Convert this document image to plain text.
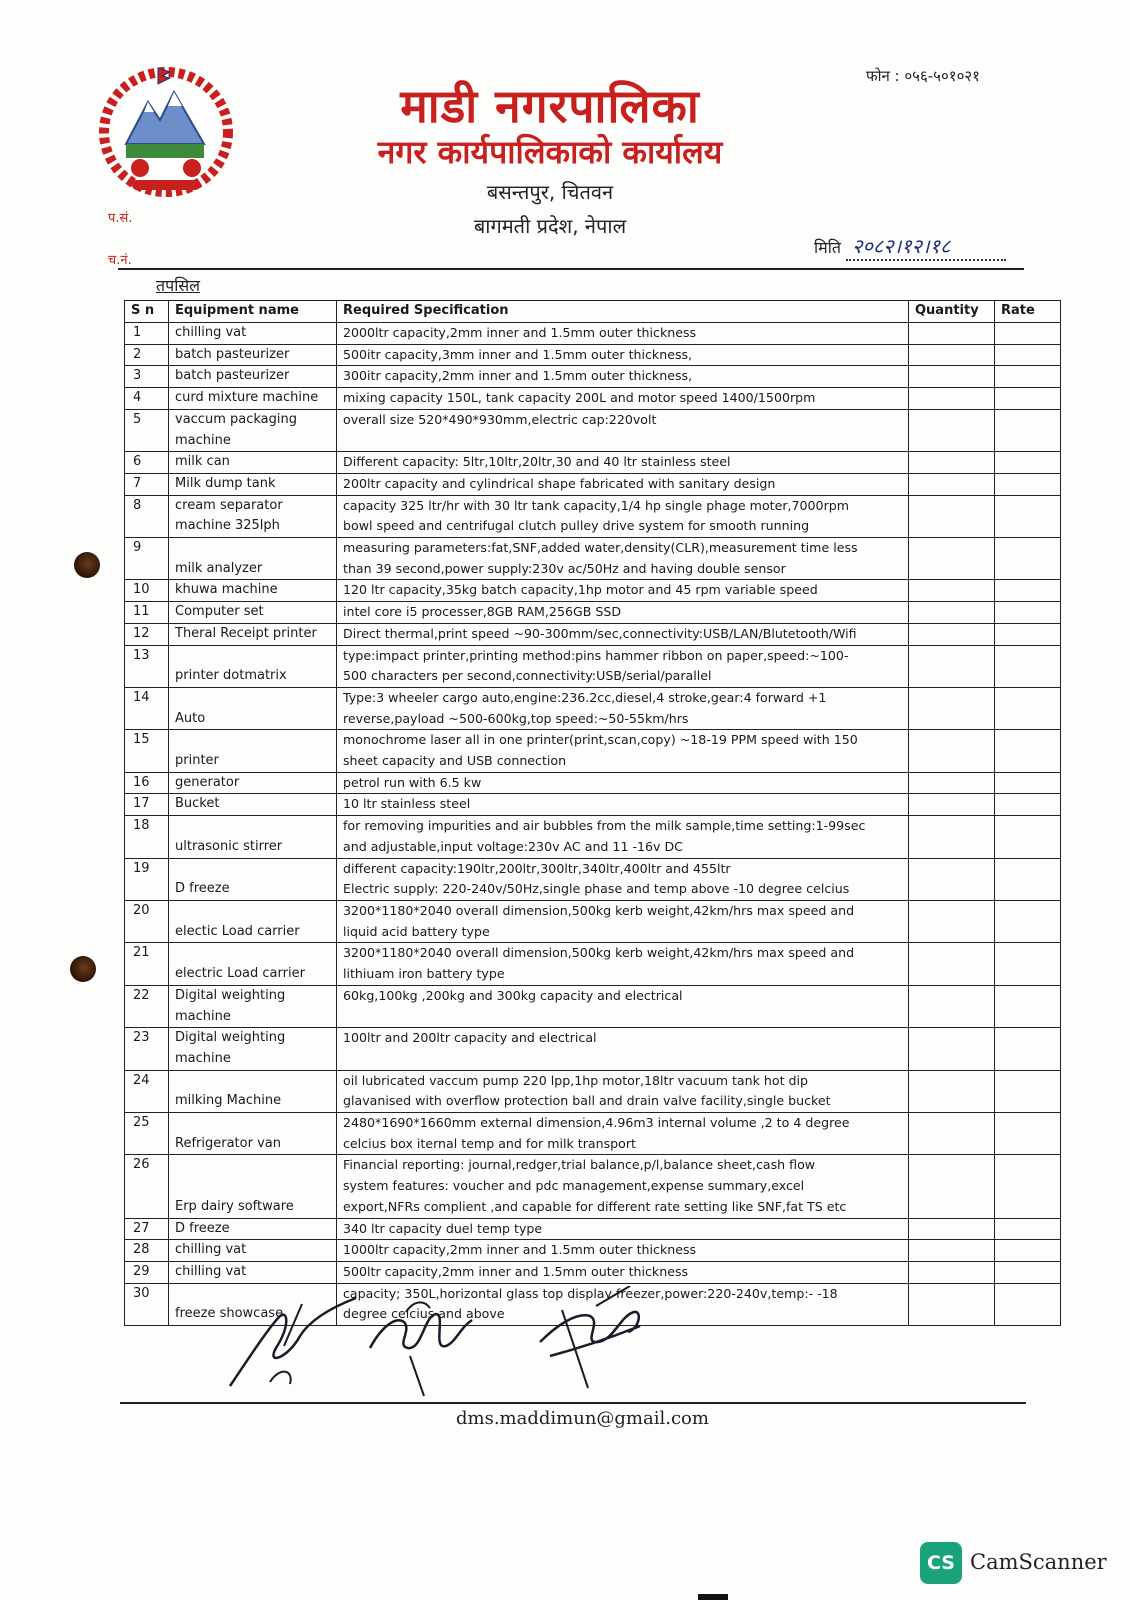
माडी नगरपालिका
नगर कार्यपालिकाको कार्यालय
बसन्तपुर, चितवन
बागमती प्रदेश, नेपाल
फोन : ०५६-५०१०२१
प.सं.
च.नं.
मिति २०८२।१२।१८
तपसिल
S n	Equipment name	Required Specification	Quantity	Rate
1	chilling vat	2000ltr capacity,2mm inner and 1.5mm outer thickness		

2	batch pasteurizer	500itr capacity,3mm inner and 1.5mm outer thickness,		

3	batch pasteurizer	300itr capacity,2mm inner and 1.5mm outer thickness,		

4	curd mixture machine	mixing capacity 150L, tank capacity 200L and motor speed 1400/1500rpm		

5	vaccum packaging machine	overall size 520*490*930mm,electric cap:220volt		

6	milk can	Different capacity: 5ltr,10ltr,20ltr,30 and 40 ltr stainless steel		

7	Milk dump tank	200ltr capacity and cylindrical shape fabricated with sanitary design		

8	cream separator machine 325lph	capacity 325 ltr/hr with 30 ltr tank capacity,1/4 hp single phage moter,7000rpm
bowl speed and centrifugal clutch pulley drive system for smooth running		

9	milk analyzer	measuring parameters:fat,SNF,added water,density(CLR),measurement time less
than 39 second,power supply:230v ac/50Hz and having double sensor		

10	khuwa machine	120 ltr capacity,35kg batch capacity,1hp motor and 45 rpm variable speed		

11	Computer set	intel core i5 processer,8GB RAM,256GB SSD		

12	Theral Receipt printer	Direct thermal,print speed ~90-300mm/sec,connectivity:USB/LAN/Blutetooth/Wifi		

13	printer dotmatrix	type:impact printer,printing method:pins hammer ribbon on paper,speed:~100-
500 characters per second,connectivity:USB/serial/parallel		

14	Auto	Type:3 wheeler cargo auto,engine:236.2cc,diesel,4 stroke,gear:4 forward +1
reverse,payload ~500-600kg,top speed:~50-55km/hrs		

15	printer	monochrome laser all in one printer(print,scan,copy) ~18-19 PPM speed with 150
sheet capacity and USB connection		

16	generator	petrol run with 6.5 kw		

17	Bucket	10 ltr stainless steel		

18	ultrasonic stirrer	for removing impurities and air bubbles from the milk sample,time setting:1-99sec
and adjustable,input voltage:230v AC and 11 -16v DC		

19	D freeze	different capacity:190ltr,200ltr,300ltr,340ltr,400ltr and 455ltr
Electric supply: 220-240v/50Hz,single phase and temp above -10 degree celcius		

20	electic Load carrier	3200*1180*2040 overall dimension,500kg kerb weight,42km/hrs max speed and
liquid acid battery type		

21	electric Load carrier	3200*1180*2040 overall dimension,500kg kerb weight,42km/hrs max speed and
lithiuam iron battery type		

22	Digital weighting machine	60kg,100kg ,200kg and 300kg capacity and electrical		

23	Digital weighting machine	100ltr and 200ltr capacity and electrical		

24	milking Machine	oil lubricated vaccum pump 220 lpp,1hp motor,18ltr vacuum tank hot dip
glavanised with overflow protection ball and drain valve facility,single bucket		

25	Refrigerator van	2480*1690*1660mm external dimension,4.96m3 internal volume ,2 to 4 degree
celcius box iternal temp and for milk transport		

26	Erp dairy software	Financial reporting: journal,redger,trial balance,p/l,balance sheet,cash flow
system features: voucher and pdc management,expense summary,excel
export,NFRs complient ,and capable for different rate setting like SNF,fat TS etc		

27	D freeze	340 ltr capacity duel temp type		

28	chilling vat	1000ltr capacity,2mm inner and 1.5mm outer thickness		

29	chilling vat	500ltr capacity,2mm inner and 1.5mm outer thickness		

30	freeze showcase	capacity; 350L,horizontal glass top display freezer,power:220-240v,temp:- -18
degree celcius and above		

dms.maddimun@gmail.com
CS CamScanner
